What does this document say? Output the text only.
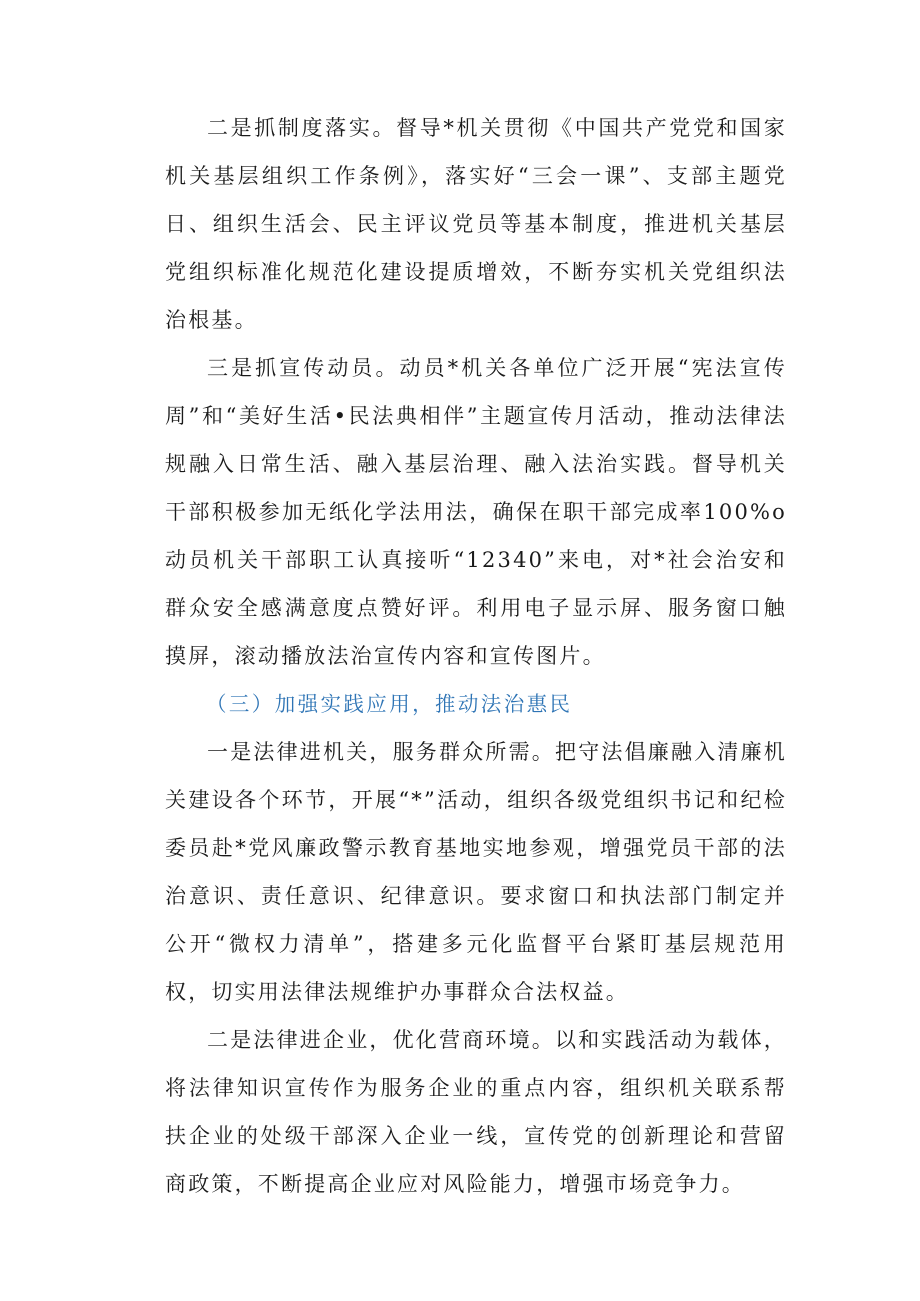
二是抓制度落实。督导*机关贯彻《中国共产党党和国家机关基层组织工作条例》，落实好“三会一课”、支部主题党日、组织生活会、民主评议党员等基本制度，推进机关基层党组织标准化规范化建设提质增效，不断夯实机关党组织法治根基。

三是抓宣传动员。动员*机关各单位广泛开展“宪法宣传周”和“美好生活•民法典相伴”主题宣传月活动，推动法律法规融入日常生活、融入基层治理、融入法治实践。督导机关干部积极参加无纸化学法用法，确保在职干部完成率100%o动员机关干部职工认真接听“12340”来电，对*社会治安和群众安全感满意度点赞好评。利用电子显示屏、服务窗口触摸屏，滚动播放法治宣传内容和宣传图片。

（三）加强实践应用，推动法治惠民

一是法律进机关，服务群众所需。把守法倡廉融入清廉机关建设各个环节，开展“*”活动，组织各级党组织书记和纪检委员赴*党风廉政警示教育基地实地参观，增强党员干部的法治意识、责任意识、纪律意识。要求窗口和执法部门制定并公开“微权力清单”，搭建多元化监督平台紧盯基层规范用权，切实用法律法规维护办事群众合法权益。

二是法律进企业，优化营商环境。以和实践活动为载体，将法律知识宣传作为服务企业的重点内容，组织机关联系帮扶企业的处级干部深入企业一线，宣传党的创新理论和营留商政策，不断提高企业应对风险能力，增强市场竞争力。
